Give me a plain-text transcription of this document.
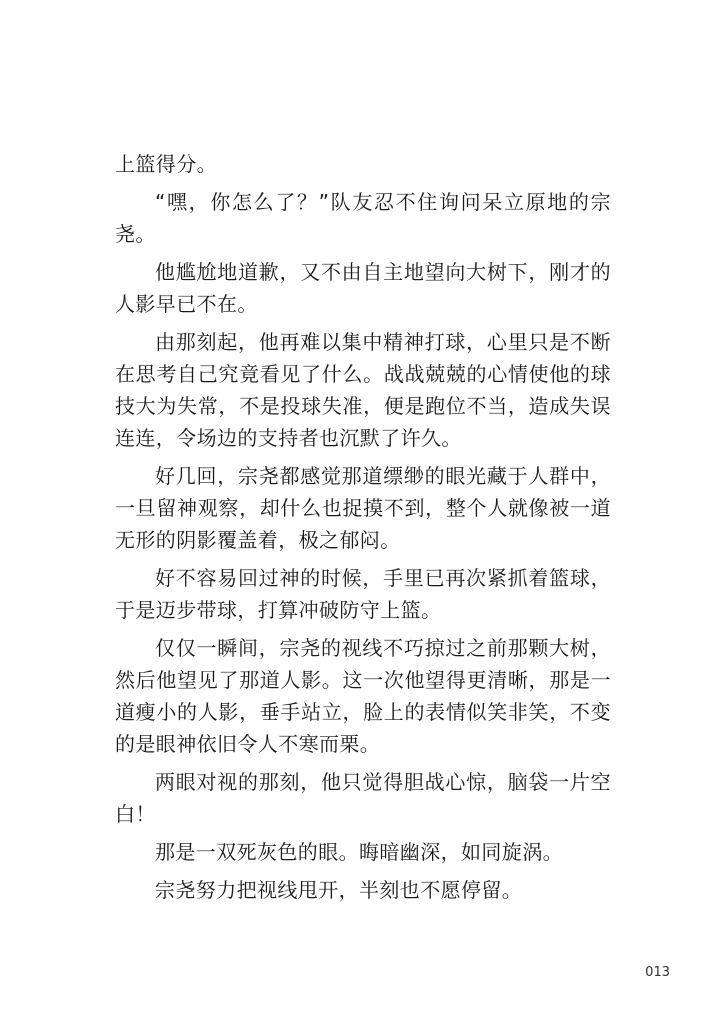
上篮得分。

“嘿，你怎么了？”队友忍不住询问呆立原地的宗尧。

他尴尬地道歉，又不由自主地望向大树下，刚才的人影早已不在。

由那刻起，他再难以集中精神打球，心里只是不断在思考自己究竟看见了什么。战战兢兢的心情使他的球技大为失常，不是投球失准，便是跑位不当，造成失误连连，令场边的支持者也沉默了许久。

好几回，宗尧都感觉那道缥缈的眼光藏于人群中，一旦留神观察，却什么也捉摸不到，整个人就像被一道无形的阴影覆盖着，极之郁闷。

好不容易回过神的时候，手里已再次紧抓着篮球，于是迈步带球，打算冲破防守上篮。

仅仅一瞬间，宗尧的视线不巧掠过之前那颗大树，然后他望见了那道人影。这一次他望得更清晰，那是一道瘦小的人影，垂手站立，脸上的表情似笑非笑，不变的是眼神依旧令人不寒而栗。

两眼对视的那刻，他只觉得胆战心惊，脑袋一片空白！

那是一双死灰色的眼。晦暗幽深，如同旋涡。

宗尧努力把视线甩开，半刻也不愿停留。

013
